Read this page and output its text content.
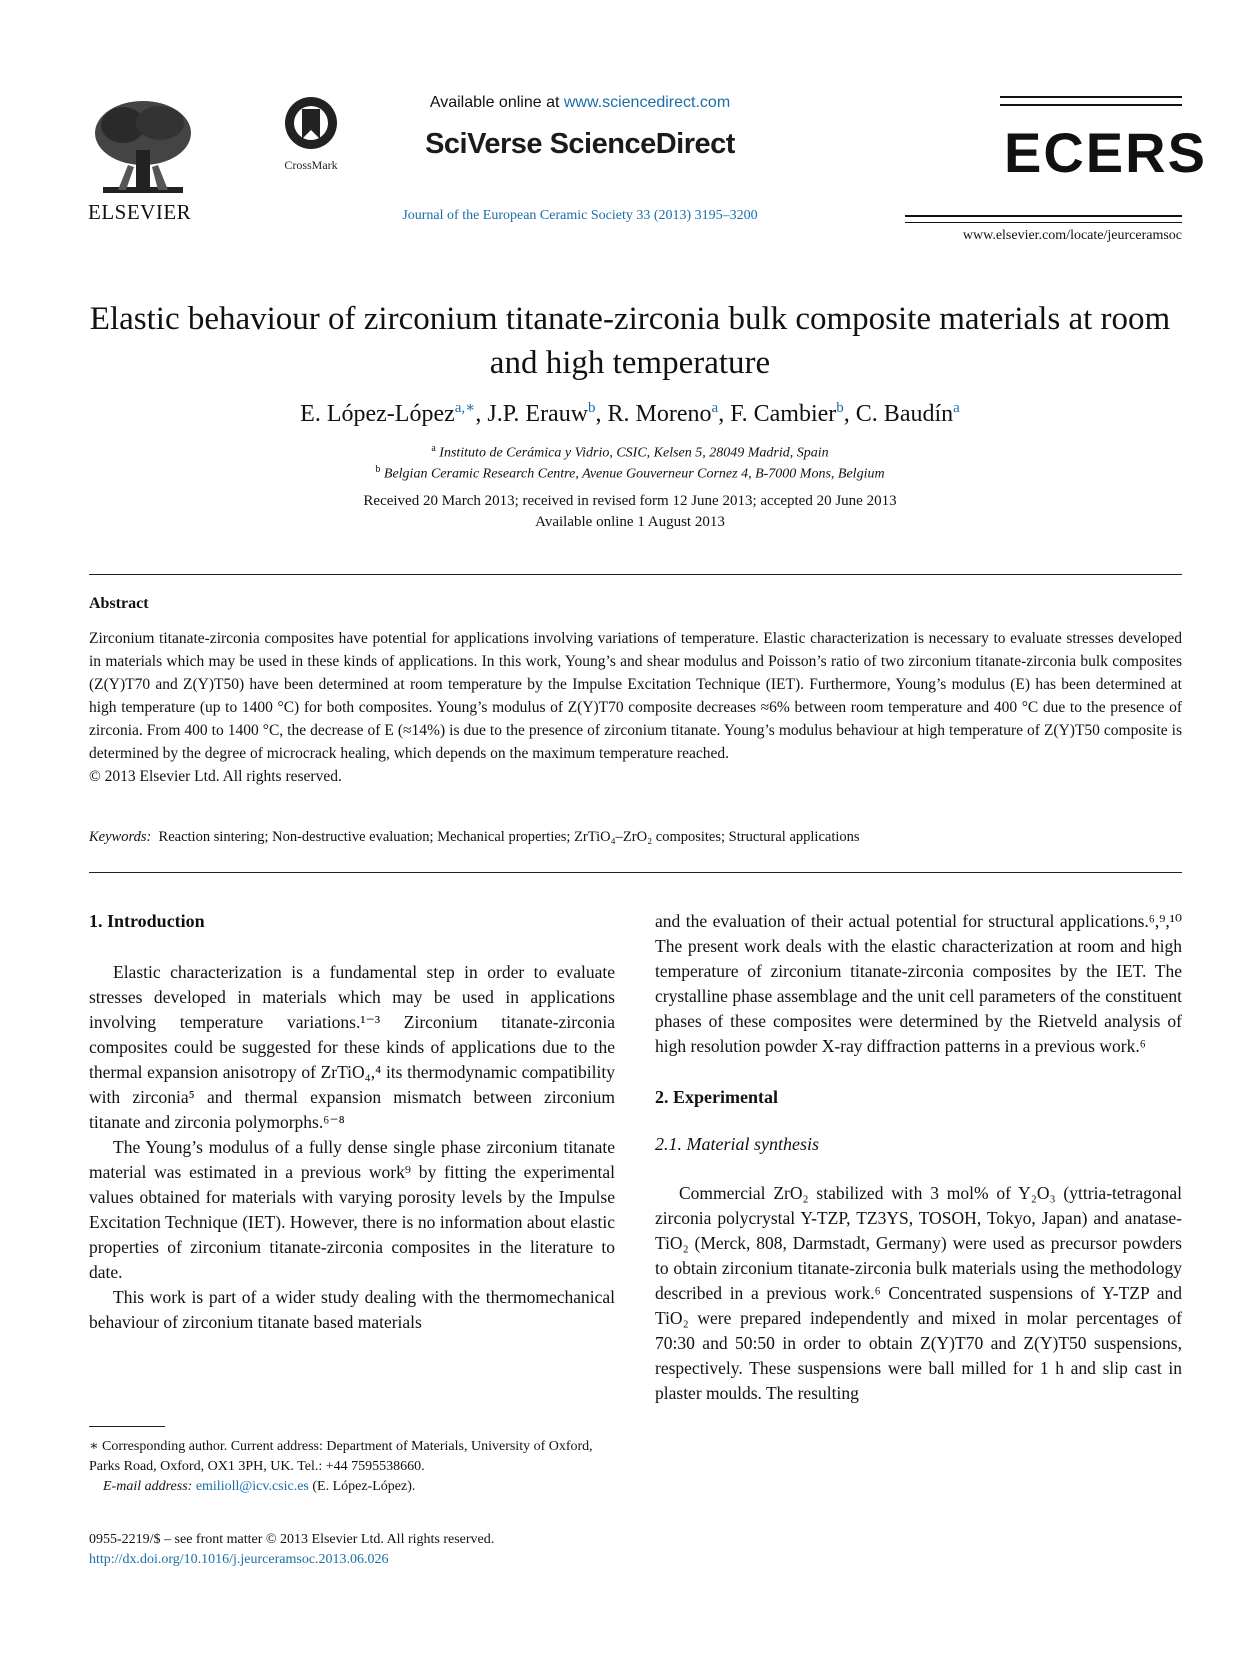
ELSEVIER
CrossMark
Available online at www.sciencedirect.com
SciVerse ScienceDirect
Journal of the European Ceramic Society 33 (2013) 3195–3200
ECERS
www.elsevier.com/locate/jeurceramsoc
Elastic behaviour of zirconium titanate-zirconia bulk composite materials at room and high temperature
E. López-López$^{a,∗}$, J.P. Erauw$^b$, R. Moreno$^a$, F. Cambier$^b$, C. Baudín$^a$
$^a$ Instituto de Cerámica y Vidrio, CSIC, Kelsen 5, 28049 Madrid, Spain
$^b$ Belgian Ceramic Research Centre, Avenue Gouverneur Cornez 4, B-7000 Mons, Belgium
Received 20 March 2013; received in revised form 12 June 2013; accepted 20 June 2013
Available online 1 August 2013
Abstract
Zirconium titanate-zirconia composites have potential for applications involving variations of temperature. Elastic characterization is necessary to evaluate stresses developed in materials which may be used in these kinds of applications. In this work, Young’s and shear modulus and Poisson’s ratio of two zirconium titanate-zirconia bulk composites (Z(Y)T70 and Z(Y)T50) have been determined at room temperature by the Impulse Excitation Technique (IET). Furthermore, Young’s modulus (E) has been determined at high temperature (up to 1400 °C) for both composites. Young’s modulus of Z(Y)T70 composite decreases ≈6% between room temperature and 400 °C due to the presence of zirconia. From 400 to 1400 °C, the decrease of E (≈14%) is due to the presence of zirconium titanate. Young’s modulus behaviour at high temperature of Z(Y)T50 composite is determined by the degree of microcrack healing, which depends on the maximum temperature reached.
© 2013 Elsevier Ltd. All rights reserved.
Keywords: Reaction sintering; Non-destructive evaluation; Mechanical properties; ZrTiO₄–ZrO₂ composites; Structural applications
1. Introduction

Elastic characterization is a fundamental step in order to evaluate stresses developed in materials which may be used in applications involving temperature variations.¹⁻³ Zirconium titanate-zirconia composites could be suggested for these kinds of applications due to the thermal expansion anisotropy of ZrTiO₄,⁴ its thermodynamic compatibility with zirconia⁵ and thermal expansion mismatch between zirconium titanate and zirconia polymorphs.⁶⁻⁸

The Young’s modulus of a fully dense single phase zirconium titanate material was estimated in a previous work⁹ by fitting the experimental values obtained for materials with varying porosity levels by the Impulse Excitation Technique (IET). However, there is no information about elastic properties of zirconium titanate-zirconia composites in the literature to date.

This work is part of a wider study dealing with the thermomechanical behaviour of zirconium titanate based materials

and the evaluation of their actual potential for structural applications.⁶,⁹,¹⁰ The present work deals with the elastic characterization at room and high temperature of zirconium titanate-zirconia composites by the IET. The crystalline phase assemblage and the unit cell parameters of the constituent phases of these composites were determined by the Rietveld analysis of high resolution powder X-ray diffraction patterns in a previous work.⁶

2. Experimental
2.1. Material synthesis

Commercial ZrO₂ stabilized with 3 mol% of Y₂O₃ (yttria-tetragonal zirconia polycrystal Y-TZP, TZ3YS, TOSOH, Tokyo, Japan) and anatase-TiO₂ (Merck, 808, Darmstadt, Germany) were used as precursor powders to obtain zirconium titanate-zirconia bulk materials using the methodology described in a previous work.⁶ Concentrated suspensions of Y-TZP and TiO₂ were prepared independently and mixed in molar percentages of 70:30 and 50:50 in order to obtain Z(Y)T70 and Z(Y)T50 suspensions, respectively. These suspensions were ball milled for 1 h and slip cast in plaster moulds. The resulting

∗ Corresponding author. Current address: Department of Materials, University of Oxford, Parks Road, Oxford, OX1 3PH, UK. Tel.: +44 7595538660.
E-mail address: emilioll@icv.csic.es (E. López-López).
0955-2219/$ – see front matter © 2013 Elsevier Ltd. All rights reserved.
http://dx.doi.org/10.1016/j.jeurceramsoc.2013.06.026
